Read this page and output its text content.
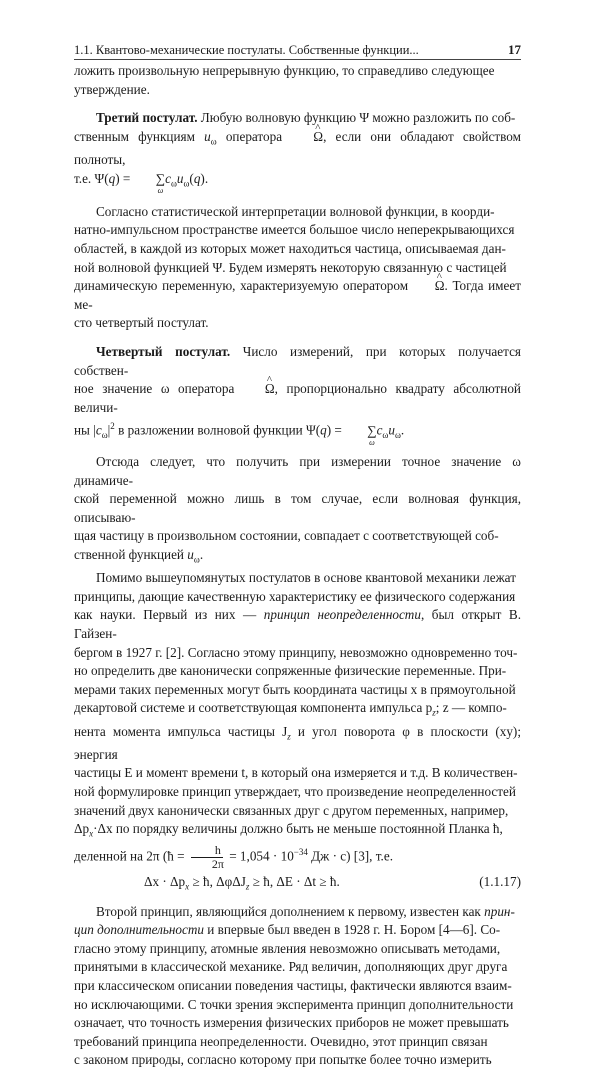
1.1. Квантово-механические постулаты. Собственные функции...	17

ложить произвольную непрерывную функцию, то справедливо следующее
утверждение.

Третий постулат. Любую волновую функцию Ψ можно разложить по соб-
ственным функциям $u_\omega$ оператора ^ Ω, если они обладают свойством полноты,
т.е. Ψ(q) = ∑
ω
$c_\omega u_\omega(q)$.

Согласно статистической интерпретации волновой функции, в коорди-
натно-импульсном пространстве имеется большое число неперекрывающихся
областей, в каждой из которых может находиться частица, описываемая дан-
ной волновой функцией Ψ. Будем измерять некоторую связанную с частицей
динамическую переменную, характеризуемую оператором ^ Ω. Тогда имеет ме-
сто четвертый постулат.

Четвертый постулат. Число измерений, при которых получается собствен-
ное значение ω оператора ^ Ω, пропорционально квадрату абсолютной величи-
ны $|c_\omega|^2$ в разложении волновой функции Ψ(q) = ∑
ω
$c_\omega u_\omega$.

Отсюда следует, что получить при измерении точное значение ω динамиче-
ской переменной можно лишь в том случае, если волновая функция, описываю-
щая частицу в произвольном состоянии, совпадает с соответствующей соб-
ственной функцией $u_\omega$.

Помимо вышеупомянутых постулатов в основе квантовой механики лежат
принципы, дающие качественную характеристику ее физического содержания
как науки. Первый из них — принцип неопределенности, был открыт В. Гайзен-
бергом в 1927 г. [2]. Согласно этому принципу, невозможно одновременно точ-
но определить две канонически сопряженные физические переменные. При-
мерами таких переменных могут быть координата частицы x в прямоугольной
декартовой системе и соответствующая компонента импульса $p_z$; z — компо-
нента момента импульса частицы $J_z$ и угол поворота φ в плоскости (xy); энергия
частицы E и момент времени t, в который она измеряется и т.д. В количествен-
ной формулировке принцип утверждает, что произведение неопределенностей
значений двух канонически связанных друг с другом переменных, например,
$\Delta p_x\cdot\Delta x$ по порядку величины должно быть не меньше постоянной Планка ħ,
деленной на 2π (ħ = $\frac{h}{2\pi} = 1,054 \cdot 10^{-34}$ Дж · с) [3], т.е.

$\Delta x \cdot \Delta p_x$ ≥ ħ, ΔφΔJ$_z$ ≥ ħ, ΔE · Δt ≥ ħ.	(1.1.17)

Второй принцип, являющийся дополнением к первому, известен как прин-
цип дополнительности и впервые был введен в 1928 г. Н. Бором [4—6]. Со-
гласно этому принципу, атомные явления невозможно описывать методами,
принятыми в классической механике. Ряд величин, дополняющих друг друга
при классическом описании поведения частицы, фактически являются взаим-
но исключающими. С точки зрения эксперимента принцип дополнительности
означает, что точность измерения физических приборов не может превышать
требований принципа неопределенности. Очевидно, этот принцип связан
с законом природы, согласно которому при попытке более точно измерить
